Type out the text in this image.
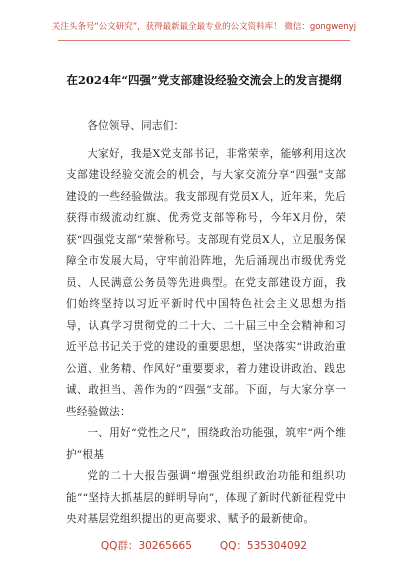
关注头条号“公文研究”，获得最新最全最专业的公文资料库！ 微信：gongwenyj
在2024年“四强”党支部建设经验交流会上的发言提纲

各位领导、同志们：

大家好，我是X党支部书记，非常荣幸，能够利用这次支部建设经验交流会的机会，与大家交流分享“四强”支部建设的一些经验做法。我支部现有党员X人，近年来，先后获得市级流动红旗、优秀党支部等称号，今年X月份，荣获“四强党支部”荣誉称号。支部现有党员X人，立足服务保障全市发展大局，守牢前沿阵地，先后涌现出市级优秀党员、人民满意公务员等先进典型。在党支部建设方面，我们始终坚持以习近平新时代中国特色社会主义思想为指导，认真学习贯彻党的二十大、二十届三中全会精神和习近平总书记关于党的建设的重要思想，坚决落实“讲政治重公道、业务精、作风好”重要要求，着力建设讲政治、践忠诚、敢担当、善作为的“四强”支部。下面，与大家分享一些经验做法：

一、用好“党性之尺”，围绕政治功能强，筑牢“两个维护”根基

党的二十大报告强调“增强党组织政治功能和组织功能”“坚持大抓基层的鲜明导向”，体现了新时代新征程党中央对基层党组织提出的更高要求、赋予的最新使命。

QQ群：30265665	QQ：535304092
